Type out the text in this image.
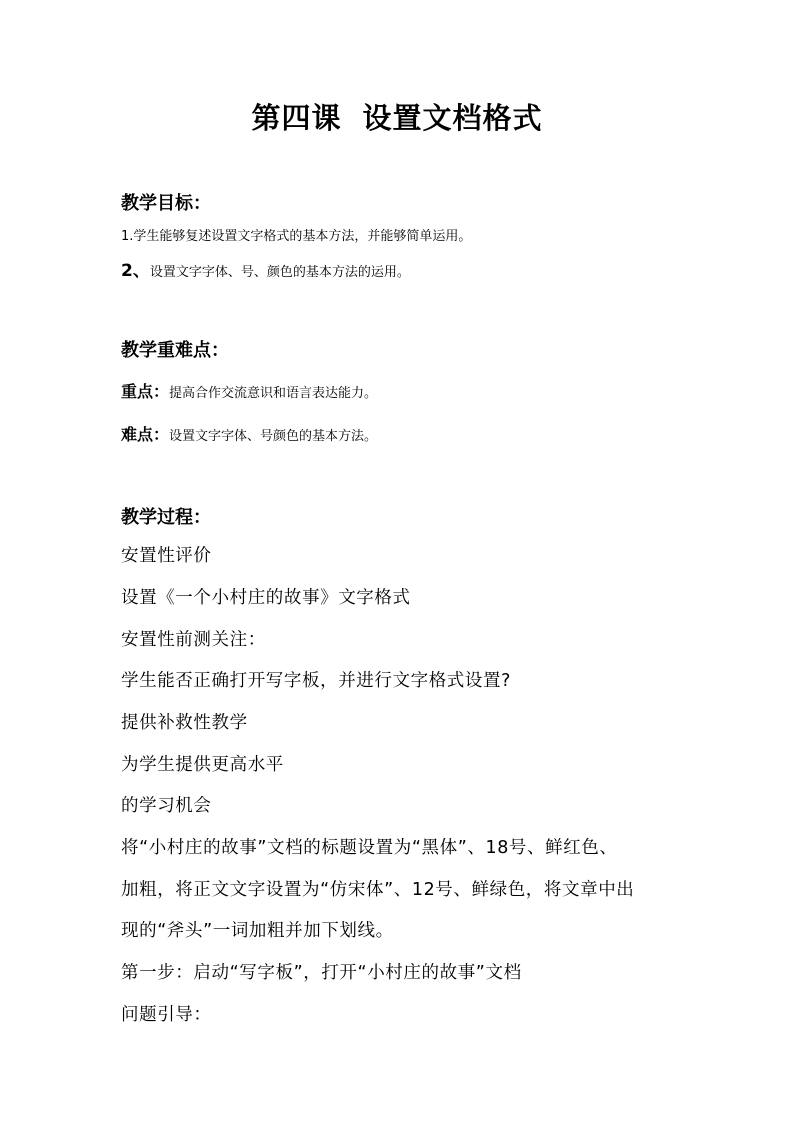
第四课 设置文档格式
教学目标：
1.学生能够复述设置文字格式的基本方法，并能够简单运用。
2、设置文字字体、号、颜色的基本方法的运用。
教学重难点：
重点：提高合作交流意识和语言表达能力。
难点：设置文字字体、号颜色的基本方法。
教学过程：
安置性评价
设置《一个小村庄的故事》文字格式
安置性前测关注：
学生能否正确打开写字板，并进行文字格式设置?
提供补救性教学
为学生提供更高水平
的学习机会
将“小村庄的故事”文档的标题设置为“黑体”、18号、鲜红色、
加粗，将正文文字设置为“仿宋体”、12号、鲜绿色，将文章中出
现的“斧头”一词加粗并加下划线。
第一步：启动“写字板”，打开“小村庄的故事”文档
问题引导：
